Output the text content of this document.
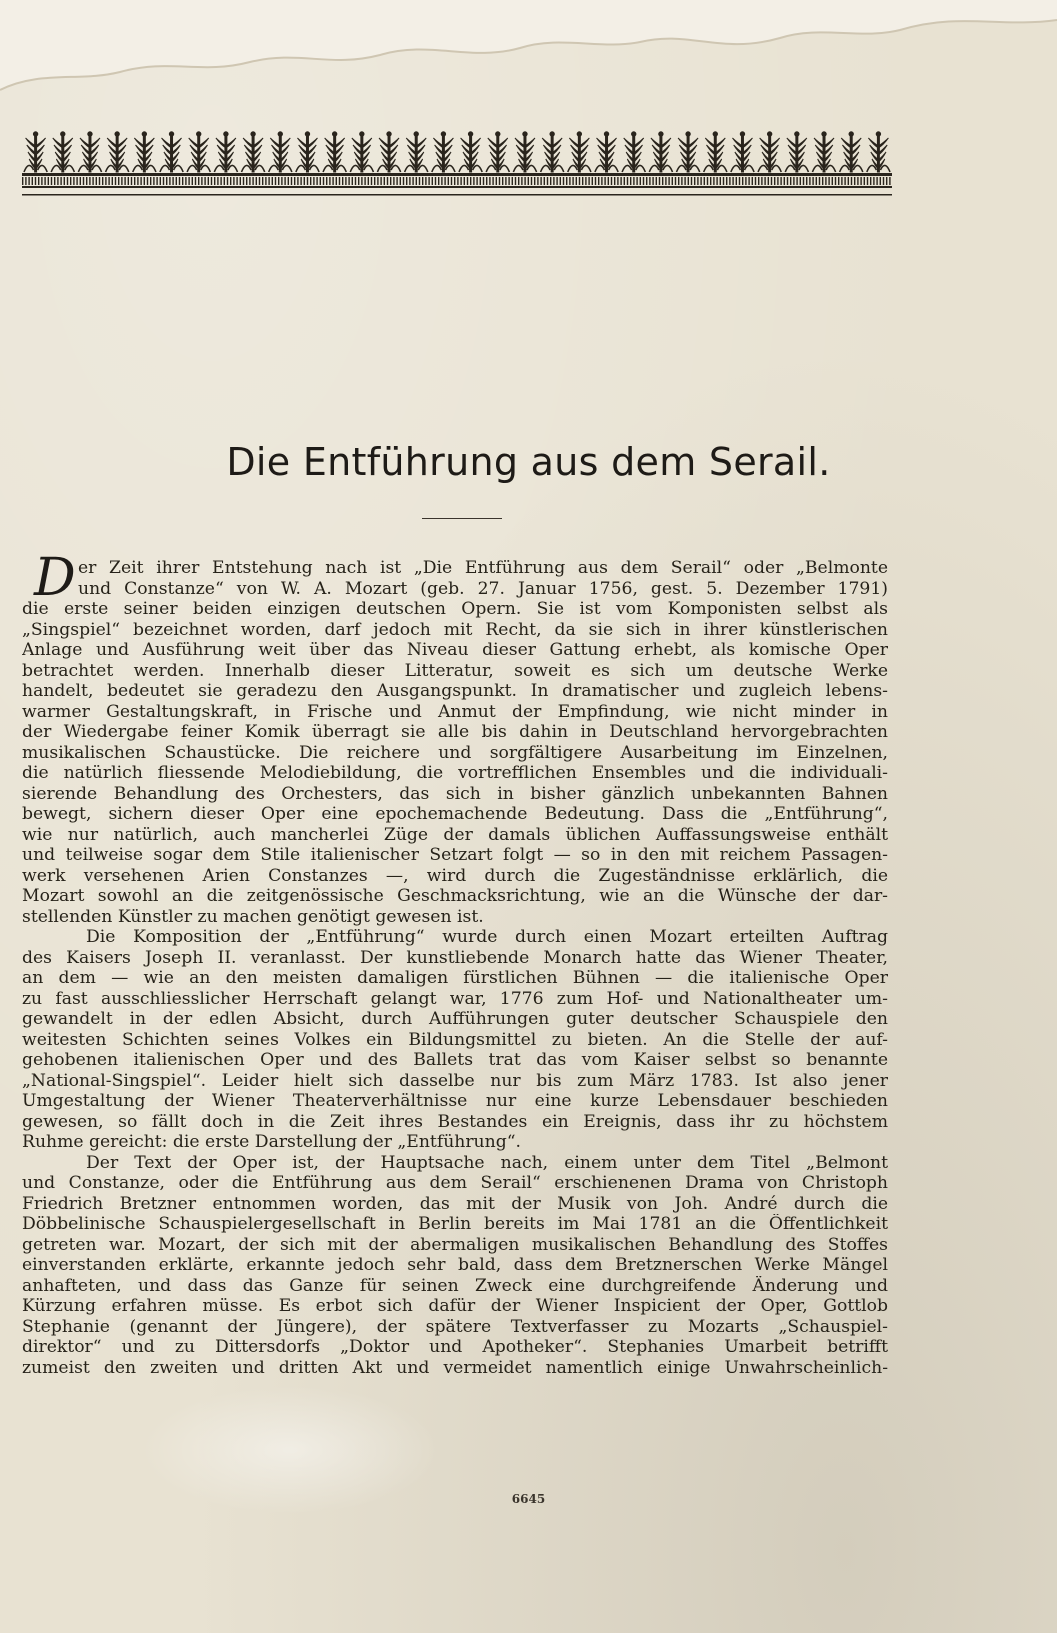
Die Entführung aus dem Serail.
D er Zeit ihrer Entstehung nach ist „Die Entführung aus dem Serail“ oder „Belmonte
und Constanze“ von W. A. Mozart (geb. 27. Januar 1756, gest. 5. Dezember 1791)
die erste seiner beiden einzigen deutschen Opern. Sie ist vom Komponisten selbst als
„Singspiel“ bezeichnet worden, darf jedoch mit Recht, da sie sich in ihrer künstlerischen
Anlage und Ausführung weit über das Niveau dieser Gattung erhebt, als komische Oper
betrachtet werden. Innerhalb dieser Litteratur, soweit es sich um deutsche Werke
handelt, bedeutet sie geradezu den Ausgangspunkt. In dramatischer und zugleich lebens-
warmer Gestaltungskraft, in Frische und Anmut der Empfindung, wie nicht minder in
der Wiedergabe feiner Komik überragt sie alle bis dahin in Deutschland hervorgebrachten
musikalischen Schaustücke. Die reichere und sorgfältigere Ausarbeitung im Einzelnen,
die natürlich fliessende Melodiebildung, die vortrefflichen Ensembles und die individuali-
sierende Behandlung des Orchesters, das sich in bisher gänzlich unbekannten Bahnen
bewegt, sichern dieser Oper eine epochemachende Bedeutung. Dass die „Entführung“,
wie nur natürlich, auch mancherlei Züge der damals üblichen Auffassungsweise enthält
und teilweise sogar dem Stile italienischer Setzart folgt — so in den mit reichem Passagen-
werk versehenen Arien Constanzes —, wird durch die Zugeständnisse erklärlich, die
Mozart sowohl an die zeitgenössische Geschmacksrichtung, wie an die Wünsche der dar-
stellenden Künstler zu machen genötigt gewesen ist.
Die Komposition der „Entführung“ wurde durch einen Mozart erteilten Auftrag
des Kaisers Joseph II. veranlasst. Der kunstliebende Monarch hatte das Wiener Theater,
an dem — wie an den meisten damaligen fürstlichen Bühnen — die italienische Oper
zu fast ausschliesslicher Herrschaft gelangt war, 1776 zum Hof- und Nationaltheater um-
gewandelt in der edlen Absicht, durch Aufführungen guter deutscher Schauspiele den
weitesten Schichten seines Volkes ein Bildungsmittel zu bieten. An die Stelle der auf-
gehobenen italienischen Oper und des Ballets trat das vom Kaiser selbst so benannte
„National-Singspiel“. Leider hielt sich dasselbe nur bis zum März 1783. Ist also jener
Umgestaltung der Wiener Theaterverhältnisse nur eine kurze Lebensdauer beschieden
gewesen, so fällt doch in die Zeit ihres Bestandes ein Ereignis, dass ihr zu höchstem
Ruhme gereicht: die erste Darstellung der „Entführung“.
Der Text der Oper ist, der Hauptsache nach, einem unter dem Titel „Belmont
und Constanze, oder die Entführung aus dem Serail“ erschienenen Drama von Christoph
Friedrich Bretzner entnommen worden, das mit der Musik von Joh. André durch die
Döbbelinische Schauspielergesellschaft in Berlin bereits im Mai 1781 an die Öffentlichkeit
getreten war. Mozart, der sich mit der abermaligen musikalischen Behandlung des Stoffes
einverstanden erklärte, erkannte jedoch sehr bald, dass dem Bretznerschen Werke Mängel
anhafteten, und dass das Ganze für seinen Zweck eine durchgreifende Änderung und
Kürzung erfahren müsse. Es erbot sich dafür der Wiener Inspicient der Oper, Gottlob
Stephanie (genannt der Jüngere), der spätere Textverfasser zu Mozarts „Schauspiel-
direktor“ und zu Dittersdorfs „Doktor und Apotheker“. Stephanies Umarbeit betrifft
zumeist den zweiten und dritten Akt und vermeidet namentlich einige Unwahrscheinlich-
6645
